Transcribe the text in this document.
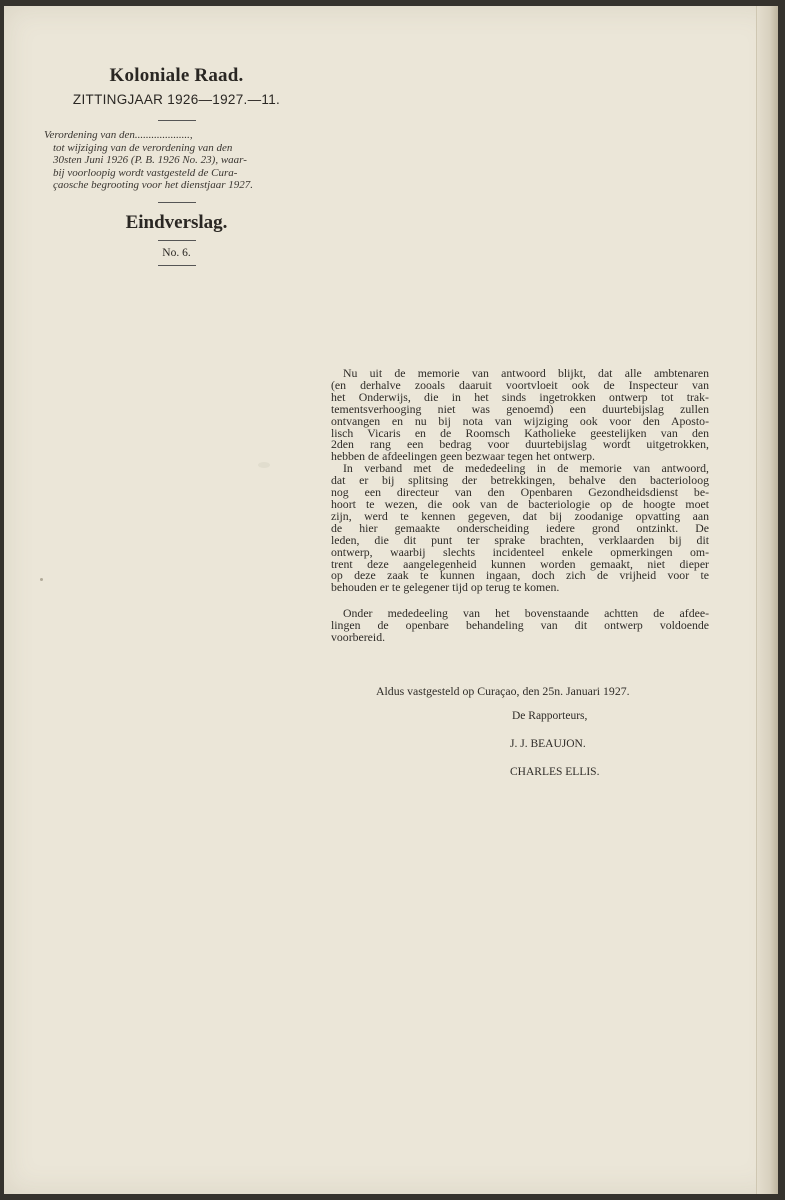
Koloniale Raad.

ZITTINGJAAR 1926—1927.—11.

Verordening van den....................,
tot wijziging van de verordening van den
30sten Juni 1926 (P. B. 1926 No. 23), waar-
bij voorloopig wordt vastgesteld de Cura-
çaosche begrooting voor het dienstjaar 1927.

Eindverslag.

No. 6.

Nu uit de memorie van antwoord blijkt, dat alle ambtenaren
(en derhalve zooals daaruit voortvloeit ook de Inspecteur van
het Onderwijs, die in het sinds ingetrokken ontwerp tot trak-
tementsverhooging niet was genoemd) een duurtebijslag zullen
ontvangen en nu bij nota van wijziging ook voor den Aposto-
lisch Vicaris en de Roomsch Katholieke geestelijken van den
2den rang een bedrag voor duurtebijslag wordt uitgetrokken,
hebben de afdeelingen geen bezwaar tegen het ontwerp.

In verband met de mededeeling in de memorie van antwoord,
dat er bij splitsing der betrekkingen, behalve den bacterioloog
nog een directeur van den Openbaren Gezondheidsdienst be-
hoort te wezen, die ook van de bacteriologie op de hoogte moet
zijn, werd te kennen gegeven, dat bij zoodanige opvatting aan
de hier gemaakte onderscheiding iedere grond ontzinkt. De
leden, die dit punt ter sprake brachten, verklaarden bij dit
ontwerp, waarbij slechts incidenteel enkele opmerkingen om-
trent deze aangelegenheid kunnen worden gemaakt, niet dieper
op deze zaak te kunnen ingaan, doch zich de vrijheid voor te
behouden er te gelegener tijd op terug te komen.

Onder mededeeling van het bovenstaande achtten de afdee-
lingen de openbare behandeling van dit ontwerp voldoende
voorbereid.

Aldus vastgesteld op Curaçao, den 25n. Januari 1927.
De Rapporteurs,
J. J. BEAUJON.
CHARLES ELLIS.
